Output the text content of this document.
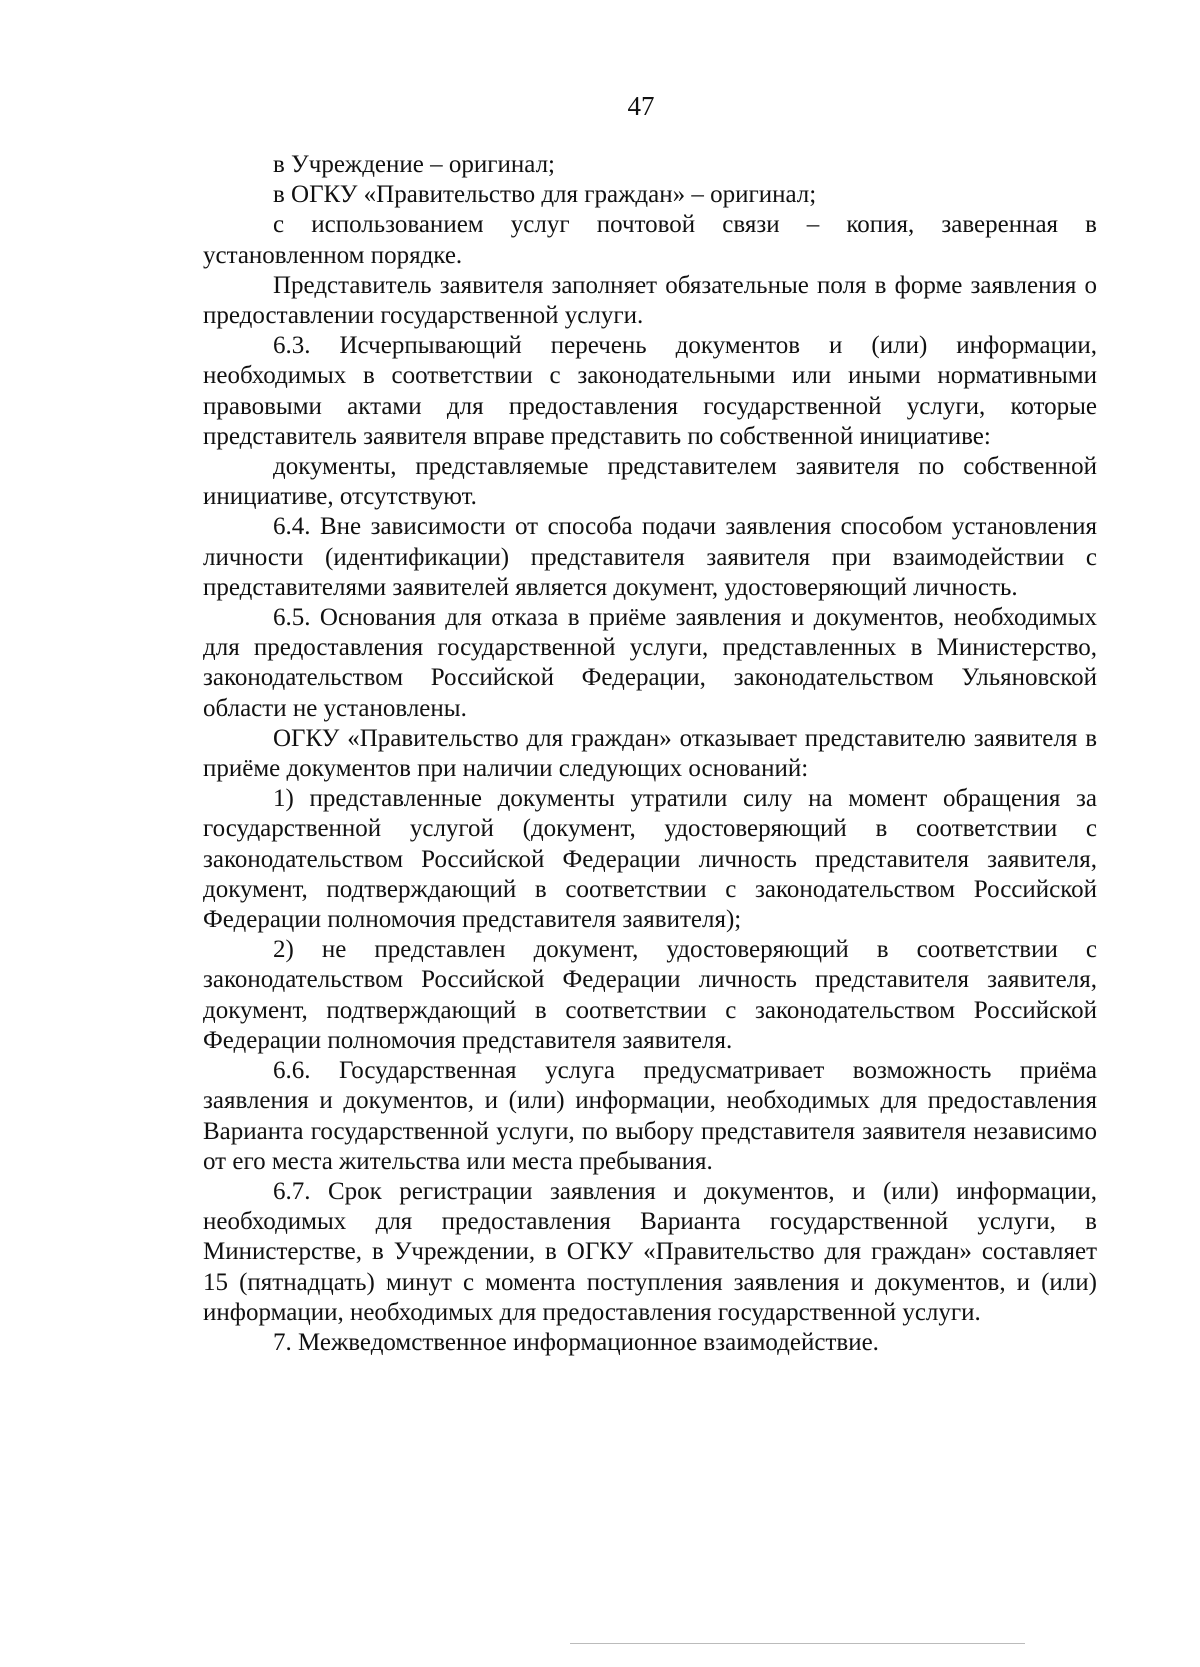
47

в Учреждение – оригинал;

в ОГКУ «Правительство для граждан» – оригинал;

с использованием услуг почтовой связи – копия, заверенная в установленном порядке.

Представитель заявителя заполняет обязательные поля в форме заявления о предоставлении государственной услуги.

6.3. Исчерпывающий перечень документов и (или) информации, необходимых в соответствии с законодательными или иными нормативными правовыми актами для предоставления государственной услуги, которые представитель заявителя вправе представить по собственной инициативе:

документы, представляемые представителем заявителя по собственной инициативе, отсутствуют.

6.4. Вне зависимости от способа подачи заявления способом установления личности (идентификации) представителя заявителя при взаимодействии с представителями заявителей является документ, удостоверяющий личность.

6.5. Основания для отказа в приёме заявления и документов, необходимых для предоставления государственной услуги, представленных в Министерство, законодательством Российской Федерации, законодательством Ульяновской области не установлены.

ОГКУ «Правительство для граждан» отказывает представителю заявителя в приёме документов при наличии следующих оснований:

1) представленные документы утратили силу на момент обращения за государственной услугой (документ, удостоверяющий в соответствии с законодательством Российской Федерации личность представителя заявителя, документ, подтверждающий в соответствии с законодательством Российской Федерации полномочия представителя заявителя);

2) не представлен документ, удостоверяющий в соответствии с законодательством Российской Федерации личность представителя заявителя, документ, подтверждающий в соответствии с законодательством Российской Федерации полномочия представителя заявителя.

6.6. Государственная услуга предусматривает возможность приёма заявления и документов, и (или) информации, необходимых для предоставления Варианта государственной услуги, по выбору представителя заявителя независимо от его места жительства или места пребывания.

6.7. Срок регистрации заявления и документов, и (или) информации, необходимых для предоставления Варианта государственной услуги, в Министерстве, в Учреждении, в ОГКУ «Правительство для граждан» составляет 15 (пятнадцать) минут с момента поступления заявления и документов, и (или) информации, необходимых для предоставления государственной услуги.

7. Межведомственное информационное взаимодействие.
